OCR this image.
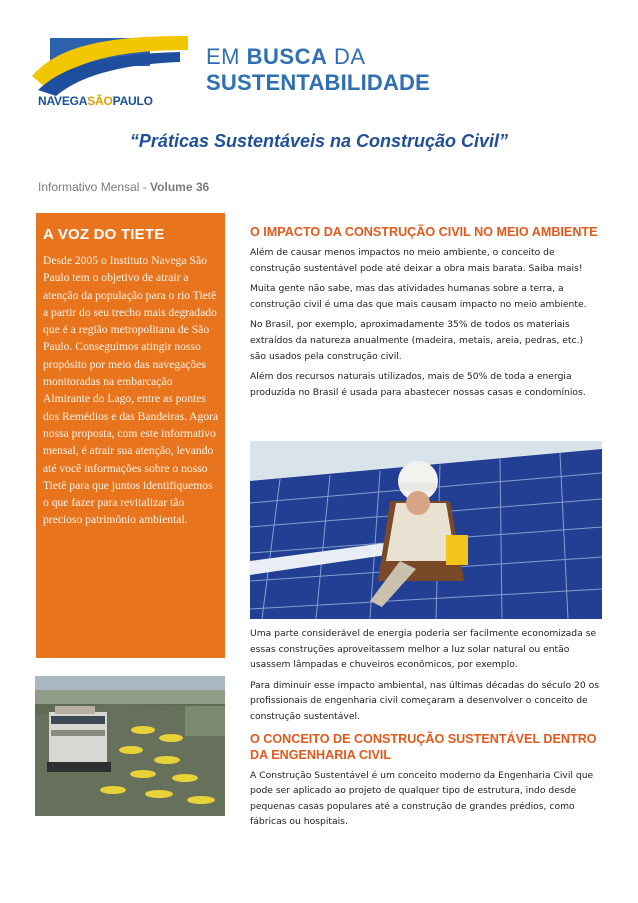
EM BUSCA DA
SUSTENTABILIDADE
NAVEGASÃOPAULO
“Práticas Sustentáveis na Construção Civil”
Informativo Mensal - Volume 36
A VOZ DO TIETE

Desde 2005 o Instituto Navega São Paulo tem o objetivo de atrair a atenção da população para o rio Tietê a partir do seu trecho mais degradado que é a região metropolitana de São Paulo. Conseguimos atingir nosso propósito por meio das navegações monitoradas na embarcação Almirante do Lago, entre as pontes dos Remédios e das Bandeiras. Agora nossa proposta, com este informativo mensal, é atrair sua atenção, levando até você informações sobre o nosso Tietê para que juntos identifiquemos o que fazer para revitalizar tão precioso patrimônio ambiental.

O IMPACTO DA CONSTRUÇÃO CIVIL NO MEIO AMBIENTE

Além de causar menos impactos no meio ambiente, o conceito de construção sustentável pode até deixar a obra mais barata. Saiba mais!

Muita gente não sabe, mas das atividades humanas sobre a terra, a construção civil é uma das que mais causam impacto no meio ambiente.

No Brasil, por exemplo, aproximadamente 35% de todos os materiais extraídos da natureza anualmente (madeira, metais, areia, pedras, etc.) são usados pela construção civil.

Além dos recursos naturais utilizados, mais de 50% de toda a energia produzida no Brasil é usada para abastecer nossas casas e condomínios.

Uma parte considerável de energia poderia ser facilmente economizada se essas construções aproveitassem melhor a luz solar natural ou então usassem lâmpadas e chuveiros econômicos, por exemplo.

Para diminuir esse impacto ambiental, nas últimas décadas do século 20 os profissionais de engenharia civil começaram a desenvolver o conceito de construção sustentável.

O CONCEITO DE CONSTRUÇÃO SUSTENTÁVEL DENTRO DA ENGENHARIA CIVIL

A Construção Sustentável é um conceito moderno da Engenharia Civil que pode ser aplicado ao projeto de qualquer tipo de estrutura, indo desde pequenas casas populares até a construção de grandes prédios, como fábricas ou hospitais.
